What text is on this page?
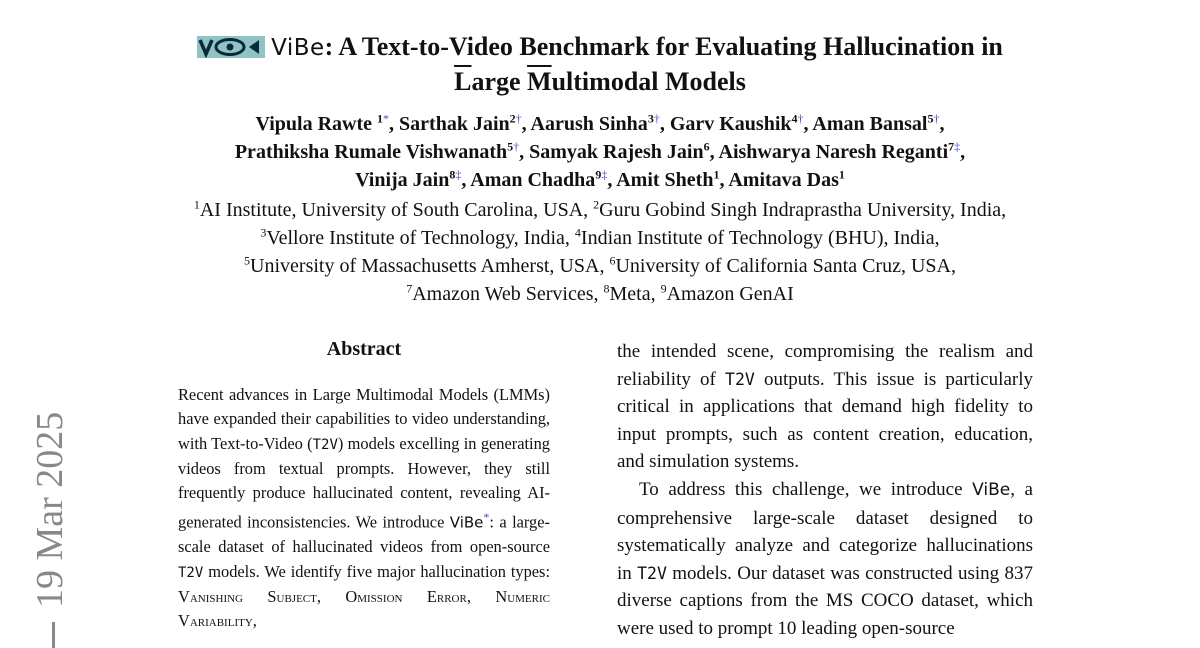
ViBe: A Text-to-Video Benchmark for Evaluating Hallucination in
$\overline{L}arge$ $\overline{M}ultimodal$ Models
Vipula Rawte $^{1*}$, Sarthak Jain$^{2\dagger}$, Aarush Sinha$^{3\dagger}$, Garv Kaushik$^{4\dagger}$, Aman Bansal$^{5\dagger}$,
Prathiksha Rumale Vishwanath$^{5\dagger}$, Samyak Rajesh Jain$^6$, Aishwarya Naresh Reganti$^{7\ddagger}$,
Vinija Jain$^{8\ddagger}$, Aman Chadha$^{9\ddagger}$, Amit Sheth$^1$, Amitava Das$^1$
$^1$AI Institute, University of South Carolina, USA, $^2$Guru Gobind Singh Indraprastha University, India,
$^3$Vellore Institute of Technology, India, $^4$Indian Institute of Technology (BHU), India,
$^5$University of Massachusetts Amherst, USA, $^6$University of California Santa Cruz, USA,
$^7$Amazon Web Services, $^8$Meta, $^9$Amazon GenAI
19 Mar 2025
Abstract
Recent advances in Large Multimodal Models (LMMs) have expanded their capabilities to video understanding, with Text-to-Video (T2V) models excelling in generating videos from textual prompts. However, they still frequently produce hallucinated content, revealing AI-generated inconsistencies. We introduce ViBe*: a large-scale dataset of hallucinated videos from open-source T2V models. We identify five major hallucination types: Vanishing Subject, Omission Error, Numeric Variability,

the intended scene, compromising the realism and reliability of T2V outputs. This issue is particularly critical in applications that demand high fidelity to input prompts, such as content creation, education, and simulation systems.

To address this challenge, we introduce ViBe, a comprehensive large-scale dataset designed to systematically analyze and categorize hallucinations in T2V models. Our dataset was constructed using 837 diverse captions from the MS COCO dataset, which were used to prompt 10 leading open-source
